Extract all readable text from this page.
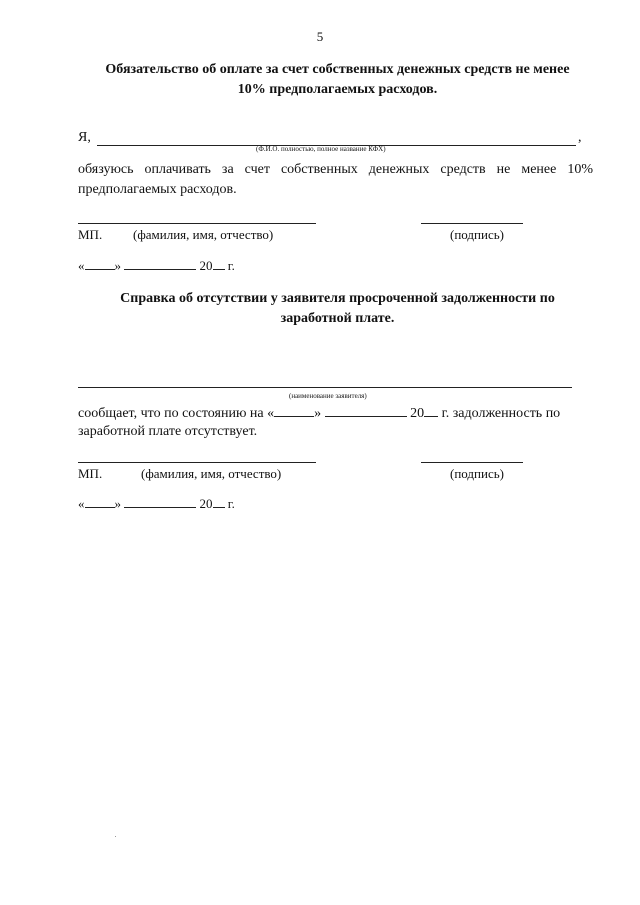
5
Обязательство об оплате за счет собственных денежных средств не менее
10% предполагаемых расходов.
Я,	,
(Ф.И.О. полностью, полное название КФХ)
обязуюсь оплачивать за счет собственных денежных средств не менее 10%
предполагаемых расходов.
МП. (фамилия, имя, отчество)	(подпись)
« »	20 г.
Справка об отсутствии у заявителя просроченной задолженности по
заработной плате.
(наименование заявителя)
сообщает, что по состоянию на «	»	20 г. задолженность по
заработной плате отсутствует.
МП.	(фамилия, имя, отчество)	(подпись)
« »	20 г.
